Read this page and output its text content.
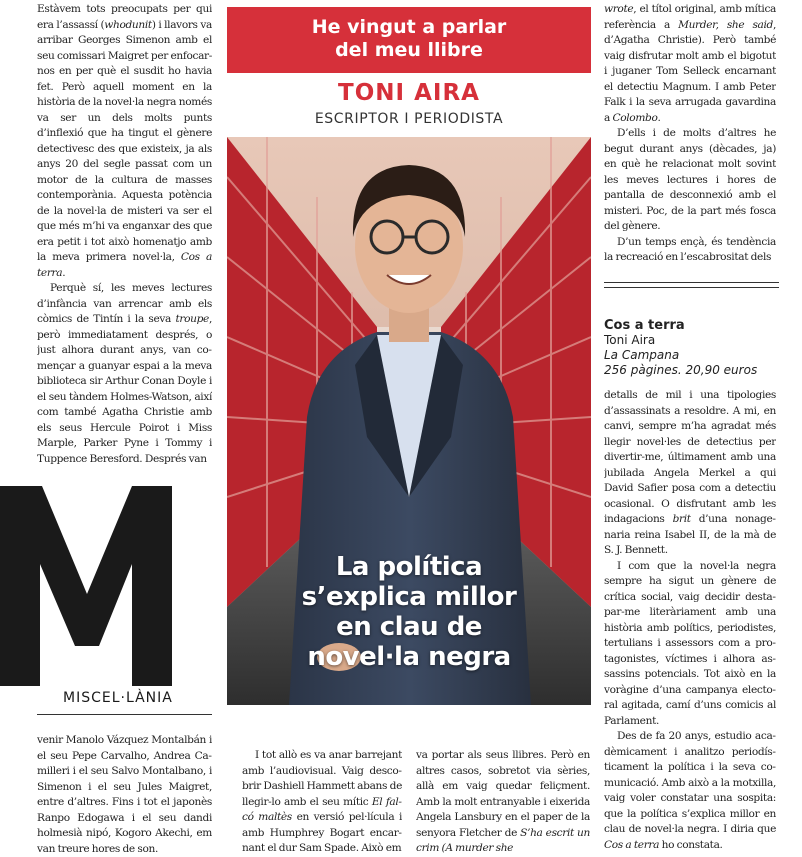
Estàvem tots preocupats per qui era l’assassí (whodunit) i llavors va arribar Georges Simenon amb el seu comissari Maigret per enfocar-nos en per què el susdit ho havia fet. Però aquell moment en la història de la novel·la negra només va ser un dels molts punts d’inflexió que ha tingut el gènere detectivesc des que existeix, ja als anys 20 del segle passat com un motor de la cultura de masses contemporània. Aquesta potència de la novel·la de misteri va ser el que més m’hi va enganxar des que era petit i tot això homenatjo amb la meva primera novel·la, Cos a terra.

Perquè sí, les meves lectures d’infància van arrencar amb els còmics de Tintín i la seva troupe, però immediatament després, o just alhora durant anys, van començar a guanyar espai a la meva biblioteca sir Arthur Conan Doyle i el seu tàndem Holmes-Watson, així com també Agatha Christie amb els seus Hercule Poirot i Miss Marple, Parker Pyne i Tommy i Tuppence Beresford. Després van

MISCEL·LÀNIA

venir Manolo Vázquez Montalbán i el seu Pepe Carvalho, Andrea Camilleri i el seu Salvo Montalbano, i Simenon i el seu Jules Maigret, entre d’altres. Fins i tot el japonès Ranpo Edogawa i el seu dandi holmesià nipó, Kogoro Akechi, em van treure hores de son.

He vingut a parlar
del meu llibre
TONI AIRA
ESCRIPTOR I PERIODISTA
La política
s’explica millor
en clau de
novel·la negra

I tot allò es va anar barrejant amb l’audiovisual. Vaig descobrir Dashiell Hammett abans de llegir-lo amb el seu mític El falcó maltès en versió pel·lícula i amb Humphrey Bogart encarnant el dur Sam Spade. Això em

va portar als seus llibres. Però en altres casos, sobretot via sèries, allà em vaig quedar feliçment. Amb la molt entranyable i eixerida Angela Lansbury en el paper de la senyora Fletcher de S’ha escrit un crim (A murder she

wrote, el títol original, amb mítica referència a Murder, she said, d’Agatha Christie). Però també vaig disfrutar molt amb el bigotut i juganer Tom Selleck encarnant el detectiu Magnum. I amb Peter Falk i la seva arrugada gavardina a Colombo.

D’ells i de molts d’altres he begut durant anys (dècades, ja) en què he relacionat molt sovint les meves lectures i hores de pantalla de desconnexió amb el misteri. Poc, de la part més fosca del gènere.

D’un temps ençà, és tendència la recreació en l’escabrositat dels

Cos a terra
Toni Aira
La Campana
256 pàgines. 20,90 euros

detalls de mil i una tipologies d’assassinats a resoldre. A mi, en canvi, sempre m’ha agradat més llegir novel·les de detectius per divertir-me, últimament amb una jubilada Angela Merkel a qui David Safier posa com a detectiu ocasional. O disfrutant amb les indagacions brit d’una nonagenaria reina Isabel II, de la mà de S. J. Bennett.

I com que la novel·la negra sempre ha sigut un gènere de crítica social, vaig decidir destapar-me literàriament amb una història amb polítics, periodistes, tertulians i assessors com a protagonistes, víctimes i alhora assassins potencials. Tot això en la voràgine d’una campanya electoral agitada, camí d’uns comicis al Parlament.

Des de fa 20 anys, estudio acadèmicament i analitzo periodísticament la política i la seva comunicació. Amb això a la motxilla, vaig voler constatar una sospita: que la política s’explica millor en clau de novel·la negra. I diria que Cos a terra ho constata.
